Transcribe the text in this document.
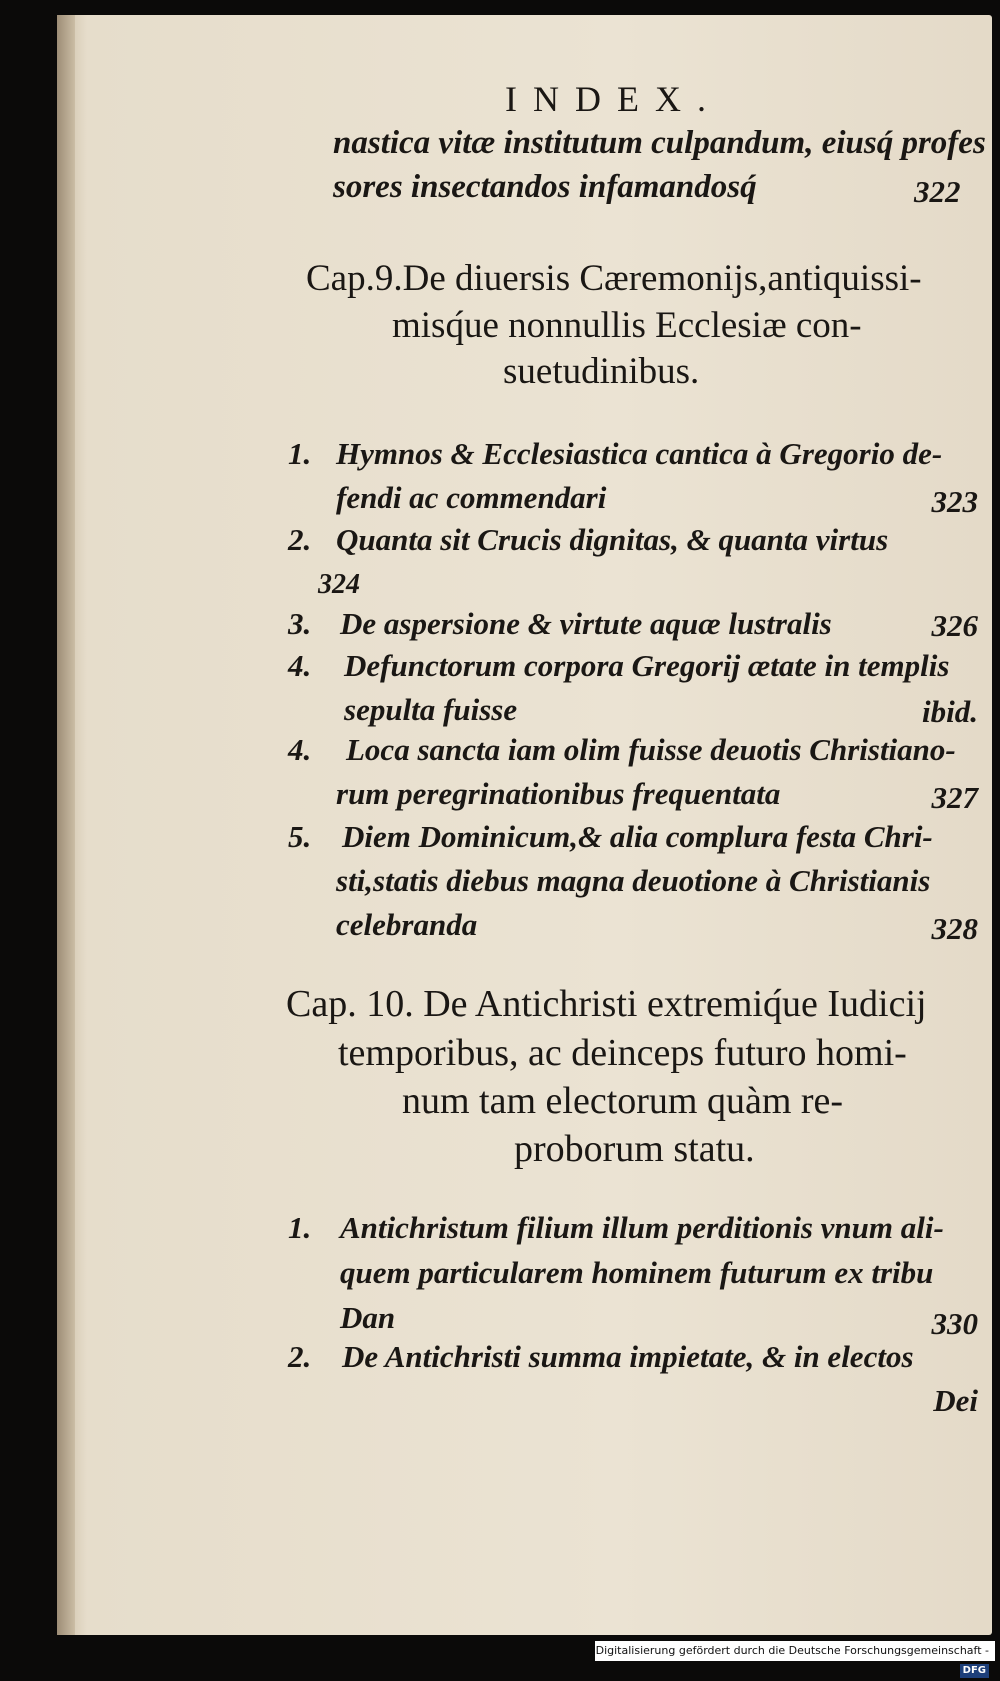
INDEX.
nastica vitæ institutum culpandum, eiusq́ profes
sores insectandos infamandosq́	322
Cap.9.De diuersis Cæremonijs,antiquissi-
misq́ue nonnullis Ecclesiæ con-
suetudinibus.
1. Hymnos & Ecclesiastica cantica à Gregorio de-
fendi ac commendari	323
2. Quanta sit Crucis dignitas, & quanta virtus
324
3. De aspersione & virtute aquæ lustralis	326
4. Defunctorum corpora Gregorij ætate in templis
sepulta fuisse	ibid.
4. Loca sancta iam olim fuisse deuotis Christiano-
rum peregrinationibus frequentata	327
5. Diem Dominicum,& alia complura festa Chri-
sti,statis diebus magna deuotione à Christianis
celebranda	328
Cap. 10. De Antichristi extremiq́ue Iudicij
temporibus, ac deinceps futuro homi-
num tam electorum quàm re-
proborum statu.
1. Antichristum filium illum perditionis vnum ali-
quem particularem hominem futurum ex tribu
Dan	330
2. De Antichristi summa impietate, & in electos
Dei
Digitalisierung gefördert durch die Deutsche Forschungsgemeinschaft -DFG
